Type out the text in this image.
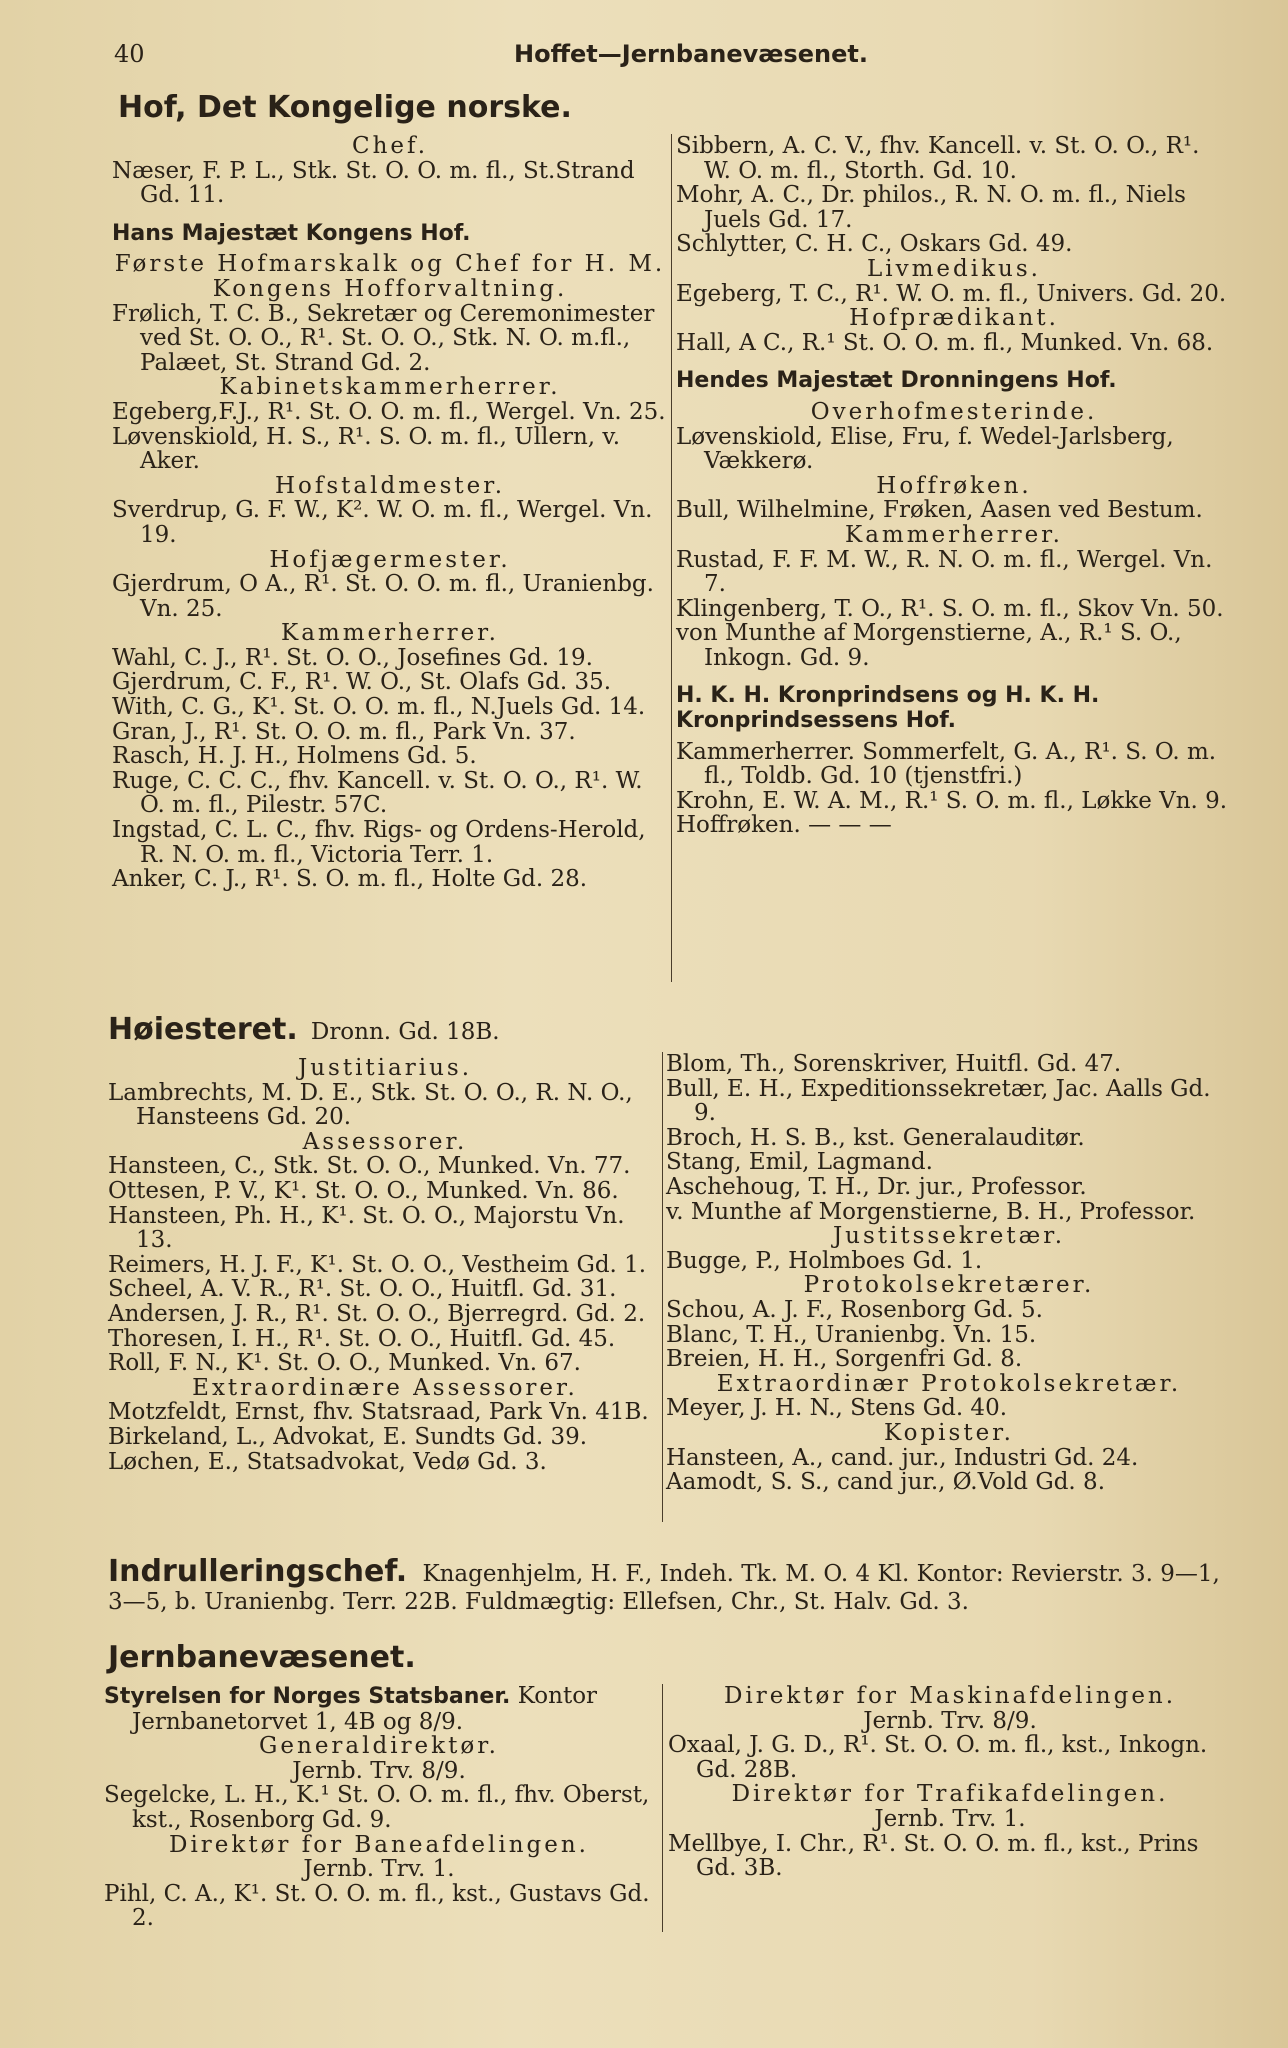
40	Hoffet—Jernbanevæsenet.
Hof, Det Kongelige norske.

Chef.

Næser, F. P. L., Stk. St. O. O. m. fl., St.Strand Gd. 11.

Hans Majestæt Kongens Hof.

Første Hofmarskalk og Chef for H. M. Kongens Hofforvaltning.

Frølich, T. C. B., Sekretær og Ceremonimester ved St. O. O., R¹. St. O. O., Stk. N. O. m.fl., Palæet, St. Strand Gd. 2.

Kabinetskammerherrer.

Egeberg,F.J., R¹. St. O. O. m. fl., Wergel. Vn. 25.

Løvenskiold, H. S., R¹. S. O. m. fl., Ullern, v. Aker.

Hofstaldmester.

Sverdrup, G. F. W., K². W. O. m. fl., Wergel. Vn. 19.

Hofjægermester.

Gjerdrum, O A., R¹. St. O. O. m. fl., Uranienbg. Vn. 25.

Kammerherrer.

Wahl, C. J., R¹. St. O. O., Josefines Gd. 19.

Gjerdrum, C. F., R¹. W. O., St. Olafs Gd. 35.

With, C. G., K¹. St. O. O. m. fl., N.Juels Gd. 14.

Gran, J., R¹. St. O. O. m. fl., Park Vn. 37.

Rasch, H. J. H., Holmens Gd. 5.

Ruge, C. C. C., fhv. Kancell. v. St. O. O., R¹. W. O. m. fl., Pilestr. 57C.

Ingstad, C. L. C., fhv. Rigs- og Ordens-Herold, R. N. O. m. fl., Victoria Terr. 1.

Anker, C. J., R¹. S. O. m. fl., Holte Gd. 28.

Sibbern, A. C. V., fhv. Kancell. v. St. O. O., R¹. W. O. m. fl., Storth. Gd. 10.

Mohr, A. C., Dr. philos., R. N. O. m. fl., Niels Juels Gd. 17.

Schlytter, C. H. C., Oskars Gd. 49.

Livmedikus.

Egeberg, T. C., R¹. W. O. m. fl., Univers. Gd. 20.

Hofprædikant.

Hall, A C., R.¹ St. O. O. m. fl., Munked. Vn. 68.

Hendes Majestæt Dronningens Hof.

Overhofmesterinde.

Løvenskiold, Elise, Fru, f. Wedel-Jarlsberg, Vækkerø.

Hoffrøken.

Bull, Wilhelmine, Frøken, Aasen ved Bestum.

Kammerherrer.

Rustad, F. F. M. W., R. N. O. m. fl., Wergel. Vn. 7.

Klingenberg, T. O., R¹. S. O. m. fl., Skov Vn. 50.

von Munthe af Morgenstierne, A., R.¹ S. O., Inkogn. Gd. 9.

H. K. H. Kronprindsens og H. K. H. Kronprindsessens Hof.

Kammerherrer. Sommerfelt, G. A., R¹. S. O. m. fl., Toldb. Gd. 10 (tjenstfri.)

Krohn, E. W. A. M., R.¹ S. O. m. fl., Løkke Vn. 9.

Hoffrøken. — — —

Høiesteret. Dronn. Gd. 18B.

Justitiarius.

Lambrechts, M. D. E., Stk. St. O. O., R. N. O., Hansteens Gd. 20.

Assessorer.

Hansteen, C., Stk. St. O. O., Munked. Vn. 77.

Ottesen, P. V., K¹. St. O. O., Munked. Vn. 86.

Hansteen, Ph. H., K¹. St. O. O., Majorstu Vn. 13.

Reimers, H. J. F., K¹. St. O. O., Vestheim Gd. 1.

Scheel, A. V. R., R¹. St. O. O., Huitfl. Gd. 31.

Andersen, J. R., R¹. St. O. O., Bjerregrd. Gd. 2.

Thoresen, I. H., R¹. St. O. O., Huitfl. Gd. 45.

Roll, F. N., K¹. St. O. O., Munked. Vn. 67.

Extraordinære Assessorer.

Motzfeldt, Ernst, fhv. Statsraad, Park Vn. 41B.

Birkeland, L., Advokat, E. Sundts Gd. 39.

Løchen, E., Statsadvokat, Vedø Gd. 3.

Blom, Th., Sorenskriver, Huitfl. Gd. 47.

Bull, E. H., Expeditionssekretær, Jac. Aalls Gd. 9.

Broch, H. S. B., kst. Generalauditør.

Stang, Emil, Lagmand.

Aschehoug, T. H., Dr. jur., Professor.

v. Munthe af Morgenstierne, B. H., Professor.

Justitssekretær.

Bugge, P., Holmboes Gd. 1.

Protokolsekretærer.

Schou, A. J. F., Rosenborg Gd. 5.

Blanc, T. H., Uranienbg. Vn. 15.

Breien, H. H., Sorgenfri Gd. 8.

Extraordinær Protokolsekretær.

Meyer, J. H. N., Stens Gd. 40.

Kopister.

Hansteen, A., cand. jur., Industri Gd. 24.

Aamodt, S. S., cand jur., Ø.Vold Gd. 8.

Indrulleringschef. Knagenhjelm, H. F., Indeh. Tk. M. O. 4 Kl. Kontor: Revierstr. 3. 9—1, 3—5, b. Uranienbg. Terr. 22B. Fuldmægtig: Ellefsen, Chr., St. Halv. Gd. 3.
Jernbanevæsenet.

Styrelsen for Norges Statsbaner. Kontor Jernbanetorvet 1, 4B og 8/9.

Generaldirektør.

Jernb. Trv. 8/9.

Segelcke, L. H., K.¹ St. O. O. m. fl., fhv. Oberst, kst., Rosenborg Gd. 9.

Direktør for Baneafdelingen.

Jernb. Trv. 1.

Pihl, C. A., K¹. St. O. O. m. fl., kst., Gustavs Gd. 2.

Direktør for Maskinafdelingen.

Jernb. Trv. 8/9.

Oxaal, J. G. D., R¹. St. O. O. m. fl., kst., Inkogn. Gd. 28B.

Direktør for Trafikafdelingen.

Jernb. Trv. 1.

Mellbye, I. Chr., R¹. St. O. O. m. fl., kst., Prins Gd. 3B.
